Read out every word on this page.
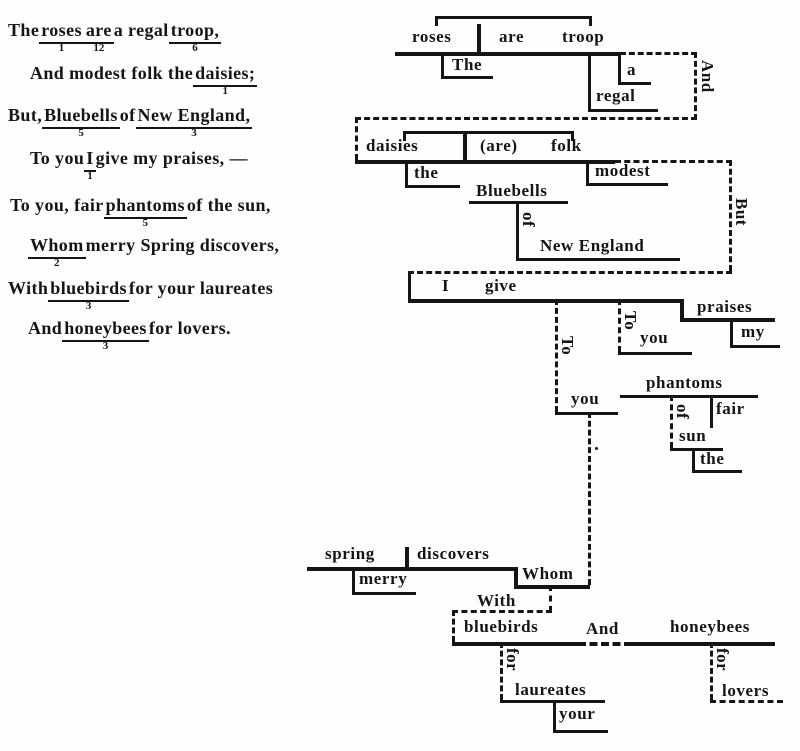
Theroses
1
are
12
a regaltroop,
6
And modest folk thedaisies;
1
But,Bluebells
5
ofNew England,
3
To youI
1
give my praises, —
To you, fairphantoms
5
of the sun,
Whom
2
merry Spring discovers,
Withbluebirds
3
for your laureates
Andhoneybees
3
for lovers.
roses	are troop
The	a
regal
And
daisies	(are) folk
the	modest
Bluebells
of
New England
But
I give
praises
my
To
you
To
you
phantoms
fair
of
sun
the
spring discovers
merry	Whom
With
bluebirds	And	honeybees
for
laureates
your
for
lovers
